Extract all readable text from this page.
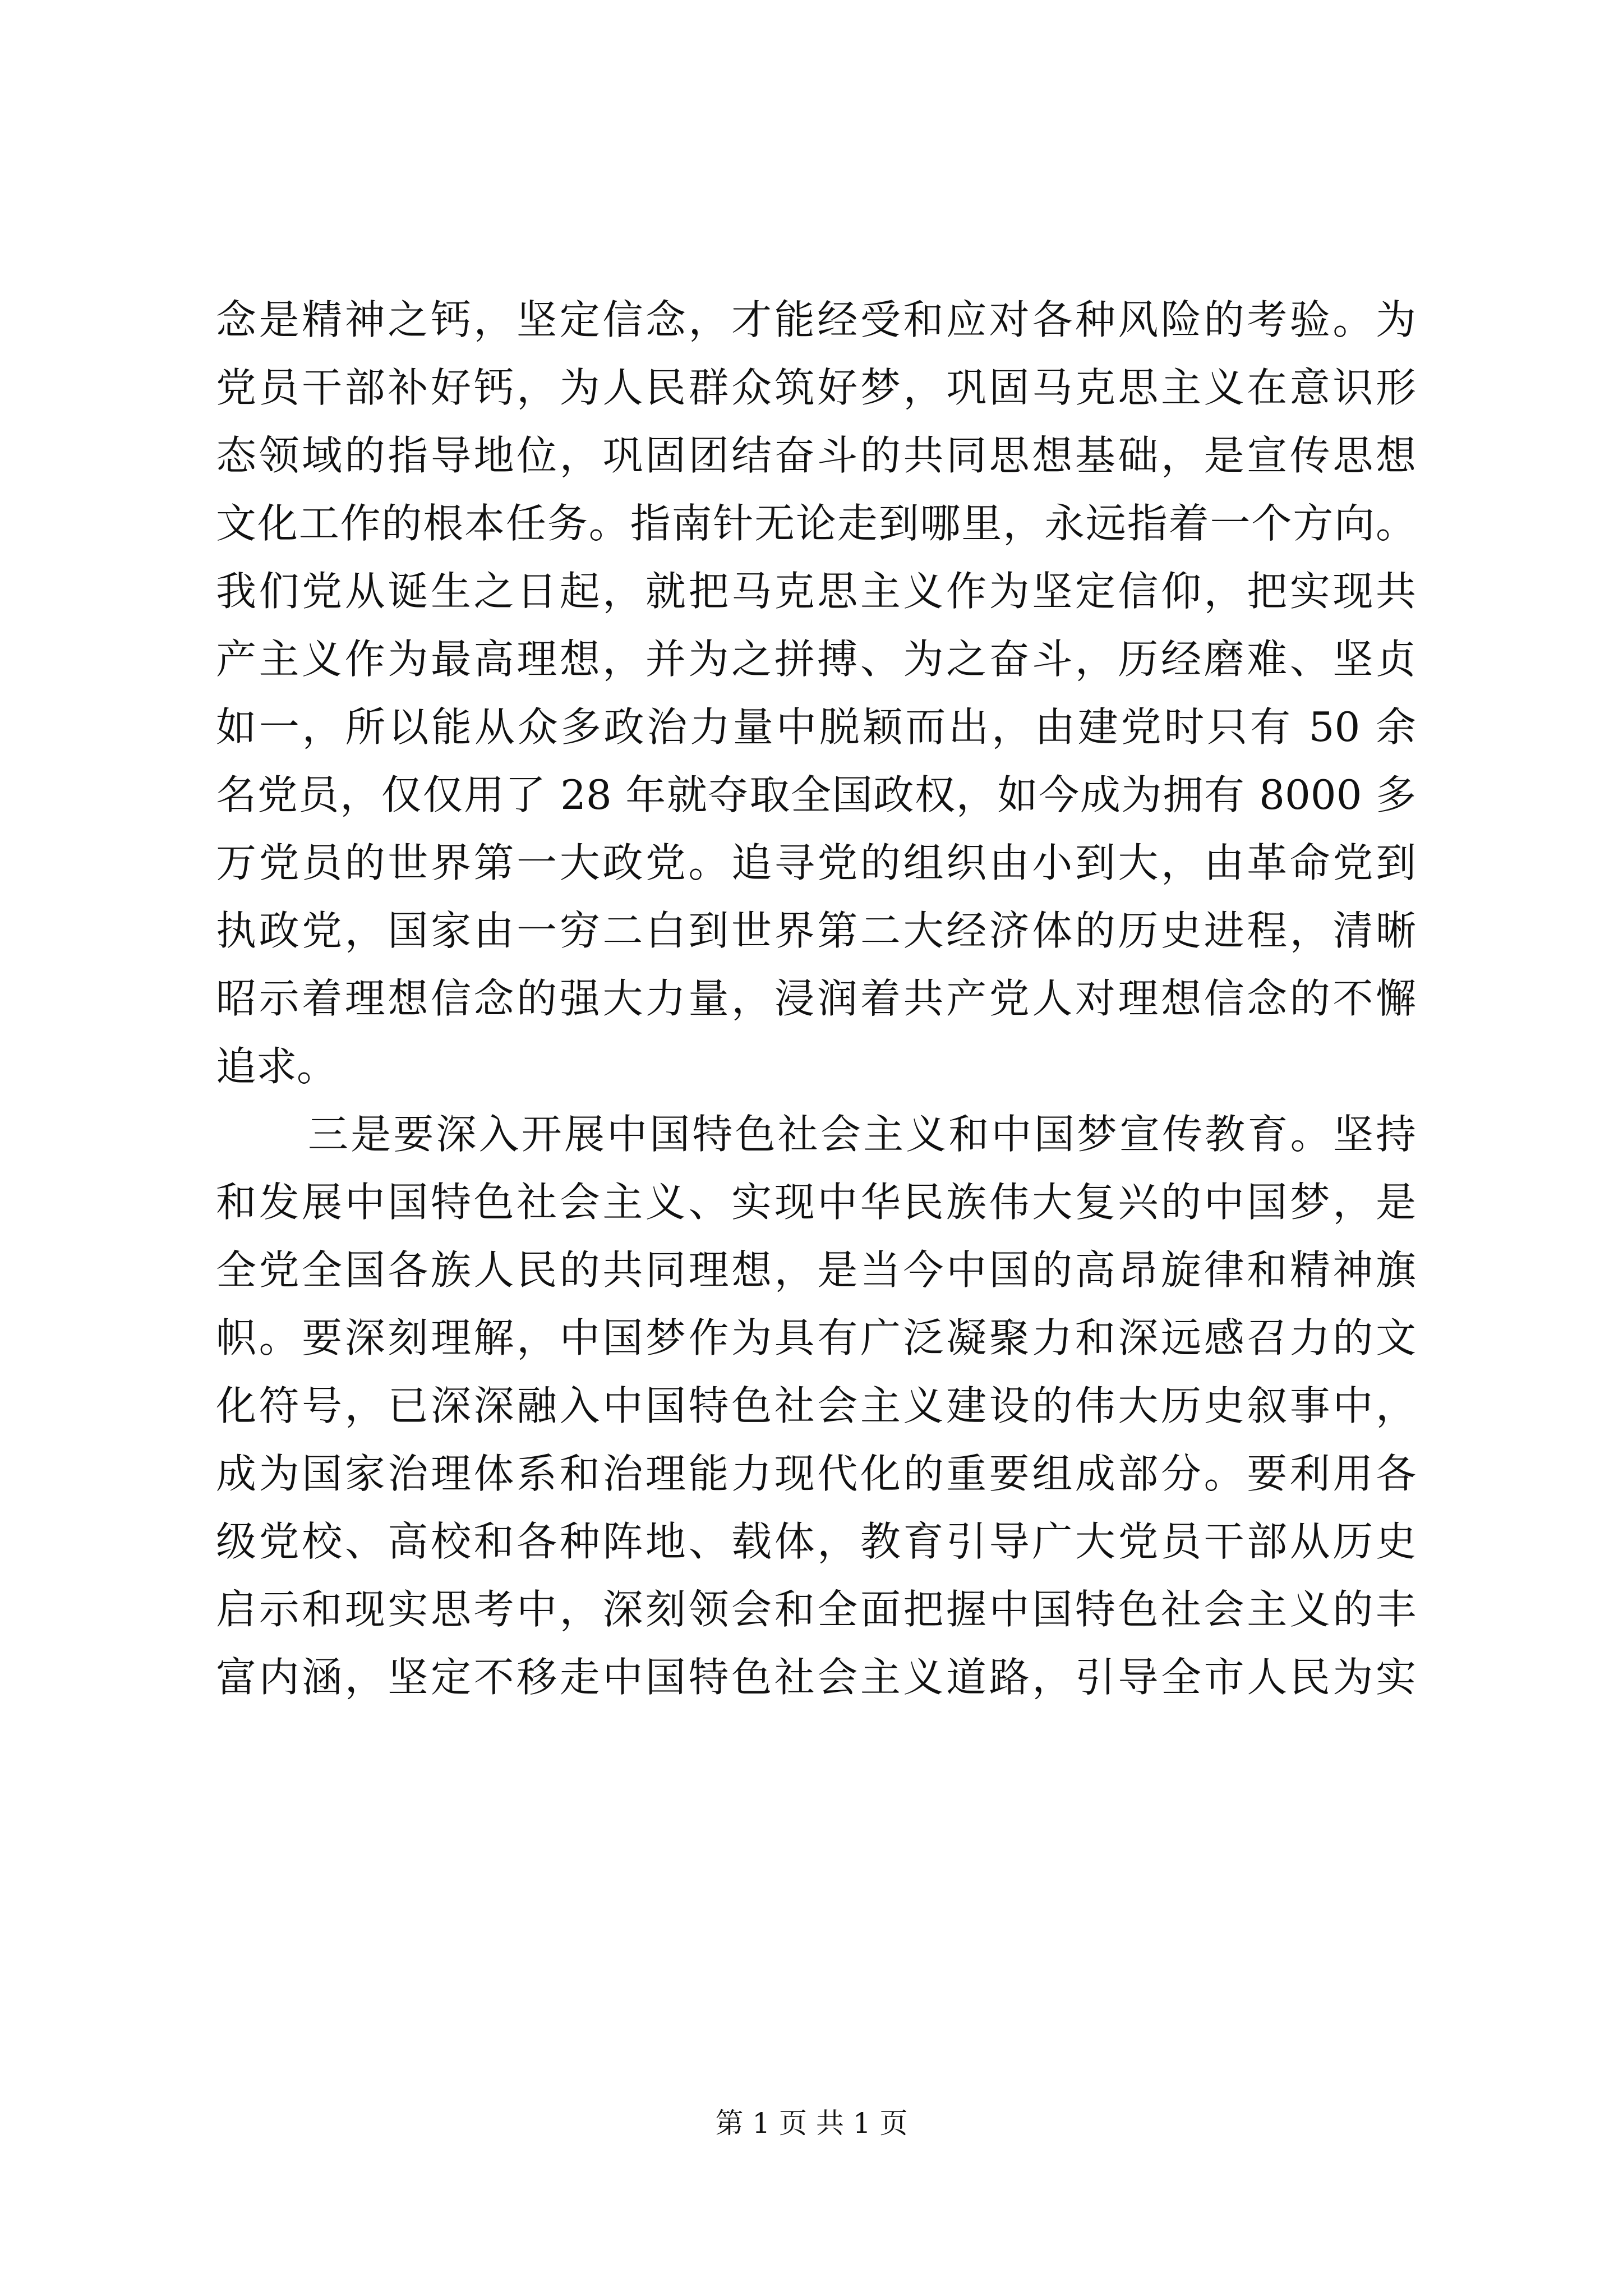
念是精神之钙，坚定信念，才能经受和应对各种风险的考验。为
党员干部补好钙，为人民群众筑好梦，巩固马克思主义在意识形
态领域的指导地位，巩固团结奋斗的共同思想基础，是宣传思想
文化工作的根本任务。指南针无论走到哪里，永远指着一个方向。
我们党从诞生之日起，就把马克思主义作为坚定信仰，把实现共
产主义作为最高理想，并为之拼搏、为之奋斗，历经磨难、坚贞
如一，所以能从众多政治力量中脱颖而出，由建党时只有 50 余
名党员，仅仅用了 28 年就夺取全国政权，如今成为拥有 8000 多
万党员的世界第一大政党。追寻党的组织由小到大，由革命党到
执政党，国家由一穷二白到世界第二大经济体的历史进程，清晰
昭示着理想信念的强大力量，浸润着共产党人对理想信念的不懈
追求。
三是要深入开展中国特色社会主义和中国梦宣传教育。坚持
和发展中国特色社会主义、实现中华民族伟大复兴的中国梦，是
全党全国各族人民的共同理想，是当今中国的高昂旋律和精神旗
帜。要深刻理解，中国梦作为具有广泛凝聚力和深远感召力的文
化符号，已深深融入中国特色社会主义建设的伟大历史叙事中，
成为国家治理体系和治理能力现代化的重要组成部分。要利用各
级党校、高校和各种阵地、载体，教育引导广大党员干部从历史
启示和现实思考中，深刻领会和全面把握中国特色社会主义的丰
富内涵，坚定不移走中国特色社会主义道路，引导全市人民为实
第 1 页 共 1 页
